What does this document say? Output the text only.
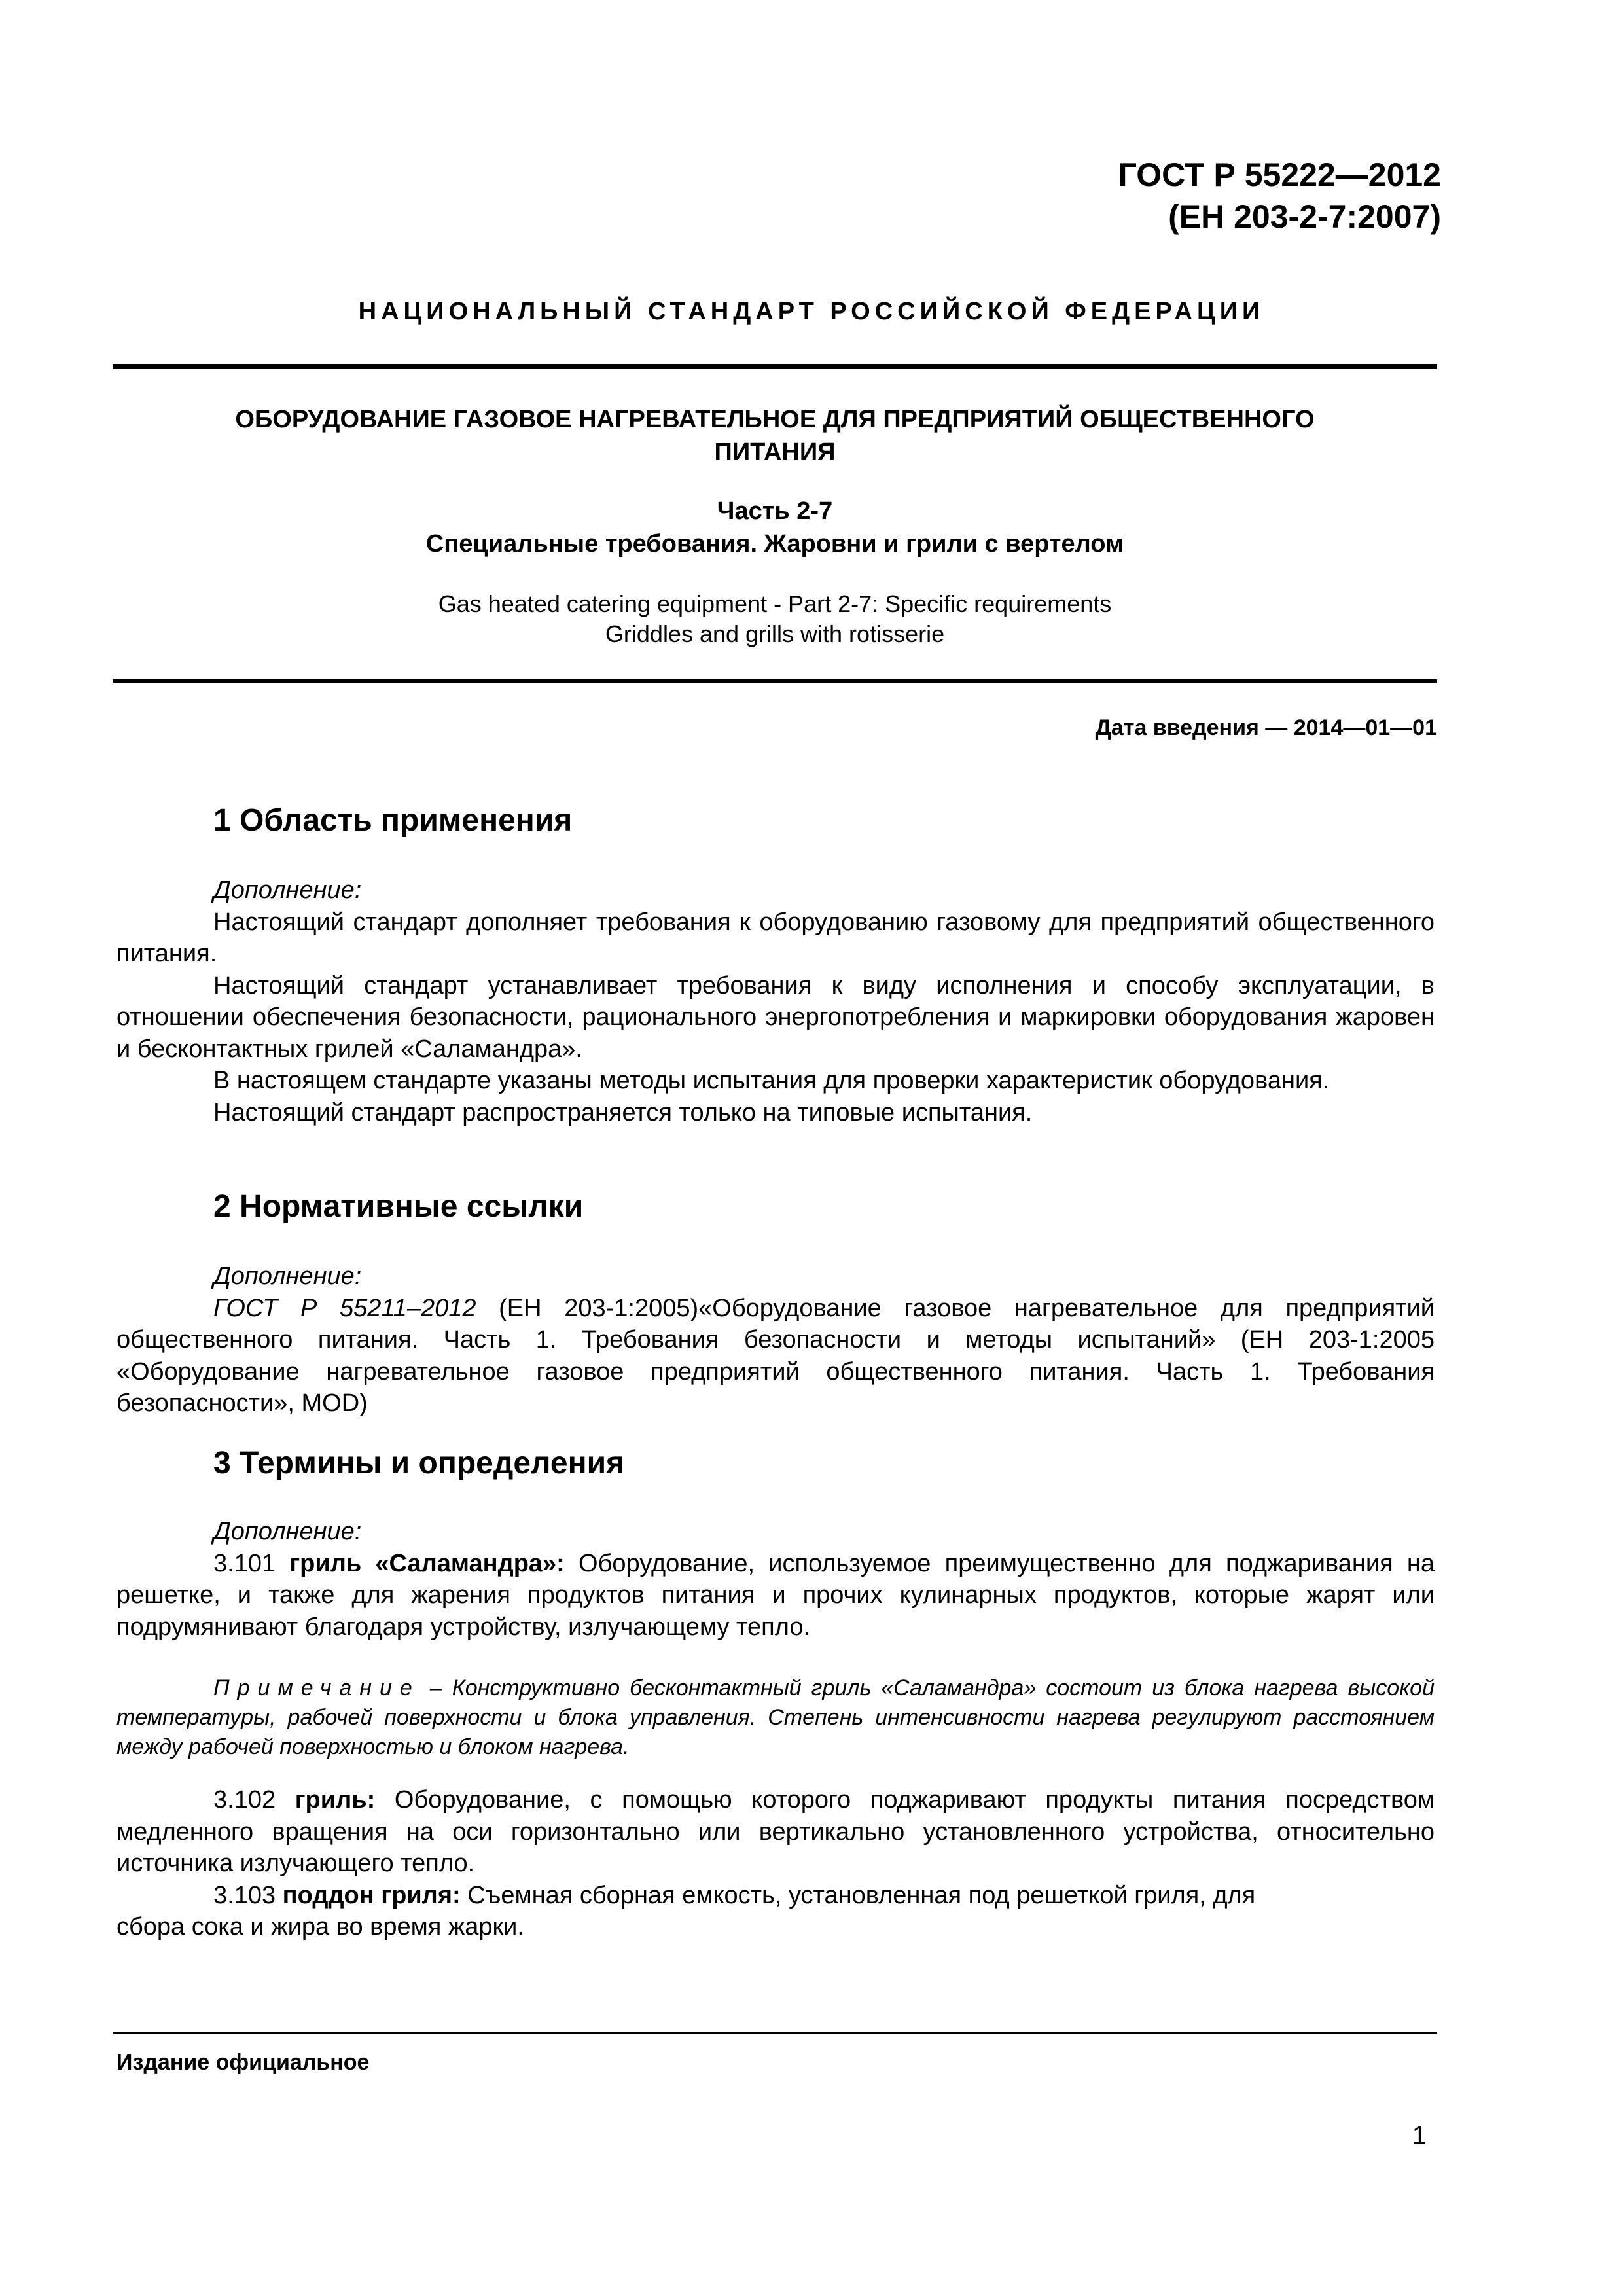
ГОСТ Р 55222—2012
(ЕН 203-2-7:2007)
НАЦИОНАЛЬНЫЙ СТАНДАРТ РОССИЙСКОЙ ФЕДЕРАЦИИ
ОБОРУДОВАНИЕ ГАЗОВОЕ НАГРЕВАТЕЛЬНОЕ ДЛЯ ПРЕДПРИЯТИЙ ОБЩЕСТВЕННОГО
ПИТАНИЯ
Часть 2-7
Специальные требования. Жаровни и грили с вертелом
Gas heated catering equipment - Part 2-7: Specific requirements
Griddles and grills with rotisserie
Дата введения — 2014—01—01
1 Область применения

Дополнение:

Настоящий стандарт дополняет требования к оборудованию газовому для предприятий общественного питания.

Настоящий стандарт устанавливает требования к виду исполнения и способу эксплуатации, в отношении обеспечения безопасности, рационального энергопотребления и маркировки оборудования жаровен и бесконтактных грилей «Саламандра».

В настоящем стандарте указаны методы испытания для проверки характеристик оборудования.

Настоящий стандарт распространяется только на типовые испытания.

2 Нормативные ссылки

Дополнение:

ГОСТ Р 55211–2012 (ЕН 203-1:2005)«Оборудование газовое нагревательное для предприятий общественного питания. Часть 1. Требования безопасности и методы испытаний» (ЕН 203-1:2005 «Оборудование нагревательное газовое предприятий общественного питания. Часть 1. Требования безопасности», MOD)

3 Термины и определения

Дополнение:

3.101 гриль «Саламандра»: Оборудование, используемое преимущественно для поджаривания на решетке, и также для жарения продуктов питания и прочих кулинарных продуктов, которые жарят или подрумянивают благодаря устройству, излучающему тепло.

Примечание – Конструктивно бесконтактный гриль «Саламандра» состоит из блока нагрева высокой температуры, рабочей поверхности и блока управления. Степень интенсивности нагрева регулируют расстоянием между рабочей поверхностью и блоком нагрева.

3.102 гриль: Оборудование, с помощью которого поджаривают продукты питания посредством медленного вращения на оси горизонтально или вертикально установленного устройства, относительно источника излучающего тепло.

3.103 поддон гриля: Съемная сборная емкость, установленная под решеткой гриля, для

сбора сока и жира во время жарки.

Издание официальное
1
